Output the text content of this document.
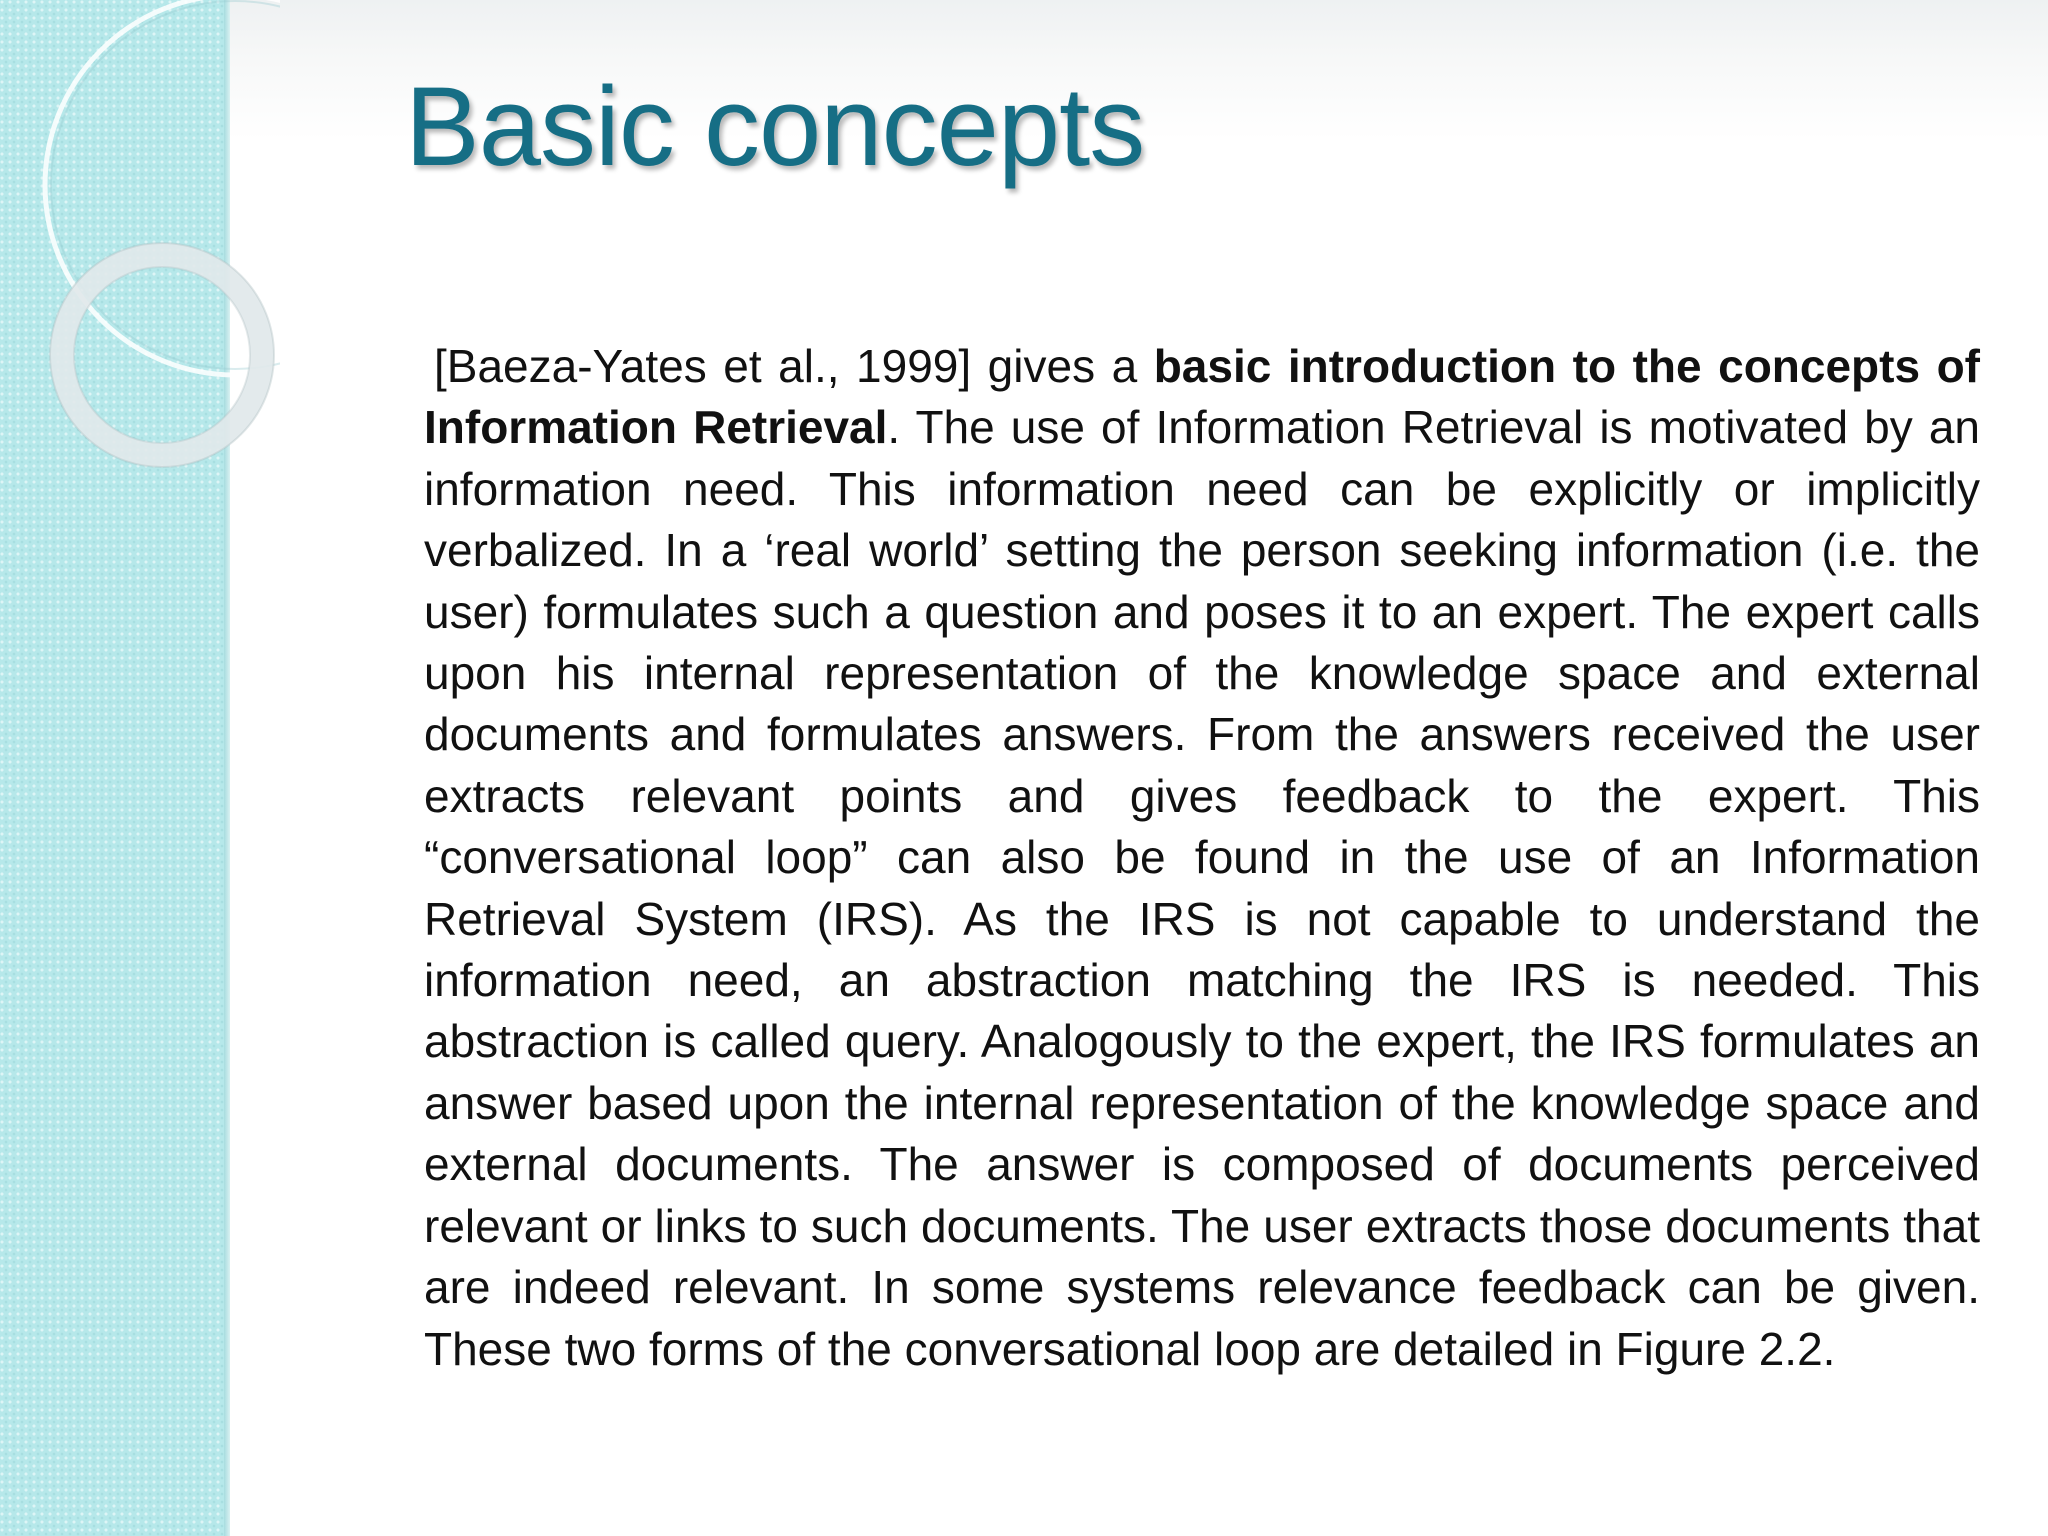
Basic concepts

[Baeza-Yates et al., 1999] gives a basic introduction to the concepts of Information Retrieval. The use of Information Retrieval is motivated by an information need. This information need can be explicitly or implicitly verbalized. In a ‘real world’ setting the person seeking information (i.e. the user) formulates such a question and poses it to an expert. The expert calls upon his internal representation of the knowledge space and external documents and formulates answers. From the answers received the user extracts relevant points and gives feedback to the expert. This “conversational loop” can also be found in the use of an Information Retrieval System (IRS). As the IRS is not capable to understand the information need, an abstraction matching the IRS is needed. This abstraction is called query. Analogously to the expert, the IRS formulates an answer based upon the internal representation of the knowledge space and external documents. The answer is composed of documents perceived relevant or links to such documents. The user extracts those documents that are indeed relevant. In some systems relevance feedback can be given. These two forms of the conversational loop are detailed in Figure 2.2.
